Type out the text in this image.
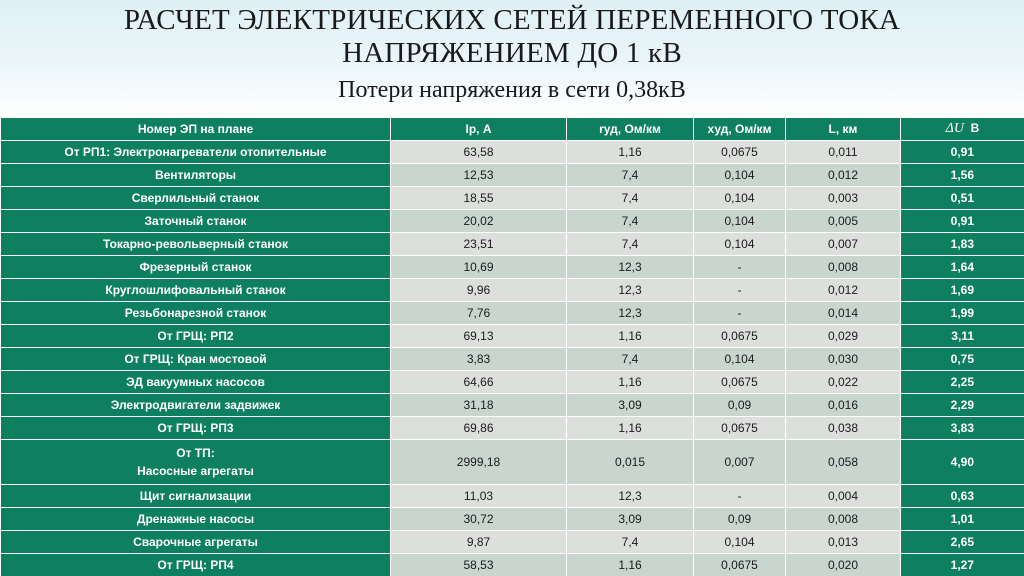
РАСЧЕТ ЭЛЕКТРИЧЕСКИХ СЕТЕЙ ПЕРЕМЕННОГО ТОКА
НАПРЯЖЕНИЕМ ДО 1 кВ
Потери напряжения в сети 0,38кВ
Номер ЭП на плане	Ip, А	rуд, Ом/км	худ, Ом/км	L, км	ΔU В
От РП1: Электронагреватели отопительные	63,58	1,16	0,0675	0,011	0,91
Вентиляторы	12,53	7,4	0,104	0,012	1,56
Сверлильный станок	18,55	7,4	0,104	0,003	0,51
Заточный станок	20,02	7,4	0,104	0,005	0,91
Токарно-револьверный станок	23,51	7,4	0,104	0,007	1,83
Фрезерный станок	10,69	12,3	-	0,008	1,64
Круглошлифовальный станок	9,96	12,3	-	0,012	1,69
Резьбонарезной станок	7,76	12,3	-	0,014	1,99
От ГРЩ: РП2	69,13	1,16	0,0675	0,029	3,11
От ГРЩ: Кран мостовой	3,83	7,4	0,104	0,030	0,75
ЭД вакуумных насосов	64,66	1,16	0,0675	0,022	2,25
Электродвигатели задвижек	31,18	3,09	0,09	0,016	2,29
От ГРЩ: РП3	69,86	1,16	0,0675	0,038	3,83

От ТП:
Насосные агрегаты	2999,18	0,015	0,007	0,058	4,90
Щит сигнализации	11,03	12,3	-	0,004	0,63
Дренажные насосы	30,72	3,09	0,09	0,008	1,01
Сварочные агрегаты	9,87	7,4	0,104	0,013	2,65
От ГРЩ: РП4	58,53	1,16	0,0675	0,020	1,27
